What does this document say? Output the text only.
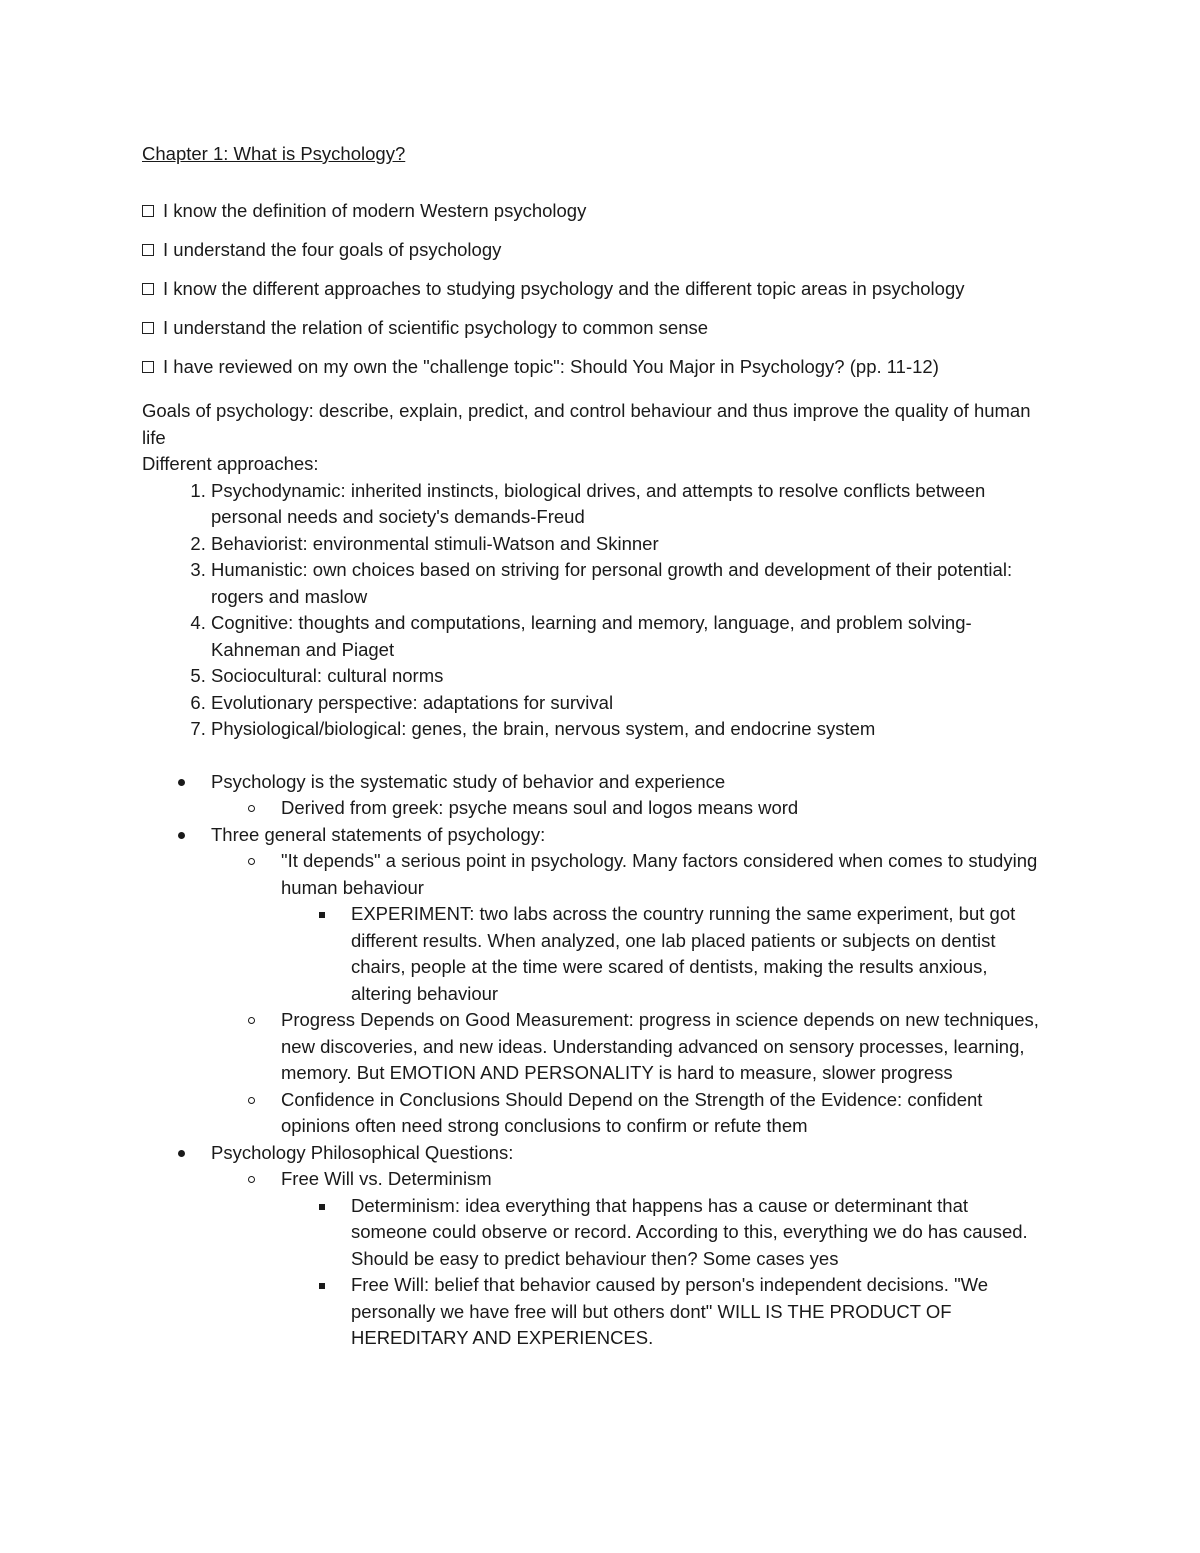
Chapter 1: What is Psychology?
I know the definition of modern Western psychology
I understand the four goals of psychology
I know the different approaches to studying psychology and the different topic areas in psychology
I understand the relation of scientific psychology to common sense
I have reviewed on my own the "challenge topic": Should You Major in Psychology? (pp. 11-12)

Goals of psychology: describe, explain, predict, and control behaviour and thus improve the quality of human life

Different approaches:

1. Psychodynamic: inherited instincts, biological drives, and attempts to resolve conflicts between personal needs and society's demands-Freud
2. Behaviorist: environmental stimuli-Watson and Skinner
3. Humanistic: own choices based on striving for personal growth and development of their potential: rogers and maslow
4. Cognitive: thoughts and computations, learning and memory, language, and problem solving-Kahneman and Piaget
5. Sociocultural: cultural norms
6. Evolutionary perspective: adaptations for survival
7. Physiological/biological: genes, the brain, nervous system, and endocrine system
Psychology is the systematic study of behavior and experience
Derived from greek: psyche means soul and logos means word
Three general statements of psychology:
"It depends" a serious point in psychology. Many factors considered when comes to studying human behaviour
EXPERIMENT: two labs across the country running the same experiment, but got different results. When analyzed, one lab placed patients or subjects on dentist chairs, people at the time were scared of dentists, making the results anxious, altering behaviour
Progress Depends on Good Measurement: progress in science depends on new techniques, new discoveries, and new ideas. Understanding advanced on sensory processes, learning, memory. But EMOTION AND PERSONALITY is hard to measure, slower progress
Confidence in Conclusions Should Depend on the Strength of the Evidence: confident opinions often need strong conclusions to confirm or refute them
Psychology Philosophical Questions:
Free Will vs. Determinism
Determinism: idea everything that happens has a cause or determinant that someone could observe or record. According to this, everything we do has caused. Should be easy to predict behaviour then? Some cases yes
Free Will: belief that behavior caused by person's independent decisions. "We personally we have free will but others dont" WILL IS THE PRODUCT OF HEREDITARY AND EXPERIENCES.
